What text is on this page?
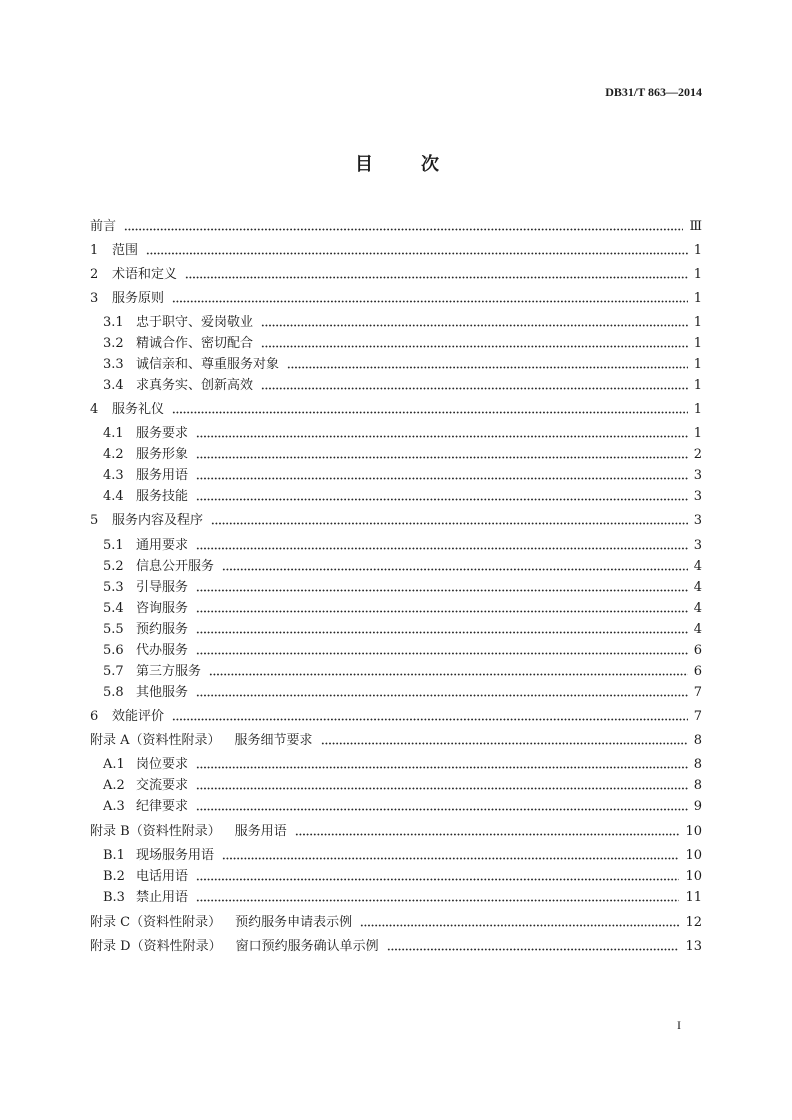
DB31/T 863—2014
目　　次
前言	Ⅲ
1	范围	1
2	术语和定义	1
3	服务原则	1
3.1 忠于职守、爱岗敬业	1
3.2 精诚合作、密切配合	1
3.3 诚信亲和、尊重服务对象	1
3.4 求真务实、创新高效	1
4	服务礼仪	1
4.1 服务要求	1
4.2 服务形象	2
4.3 服务用语	3
4.4 服务技能	3
5	服务内容及程序	3
5.1 通用要求	3
5.2 信息公开服务	4
5.3 引导服务	4
5.4 咨询服务	4
5.5 预约服务	4
5.6 代办服务	6
5.7 第三方服务	6
5.8 其他服务	7
6	效能评价	7
附录 A （资料性附录） 服务细节要求	8
A.1 岗位要求	8
A.2 交流要求	8
A.3 纪律要求	9
附录 B （资料性附录） 服务用语	10
B.1 现场服务用语	10
B.2 电话用语	10
B.3 禁止用语	11
附录 C （资料性附录） 预约服务申请表示例	12
附录 D （资料性附录） 窗口预约服务确认单示例	13
I
